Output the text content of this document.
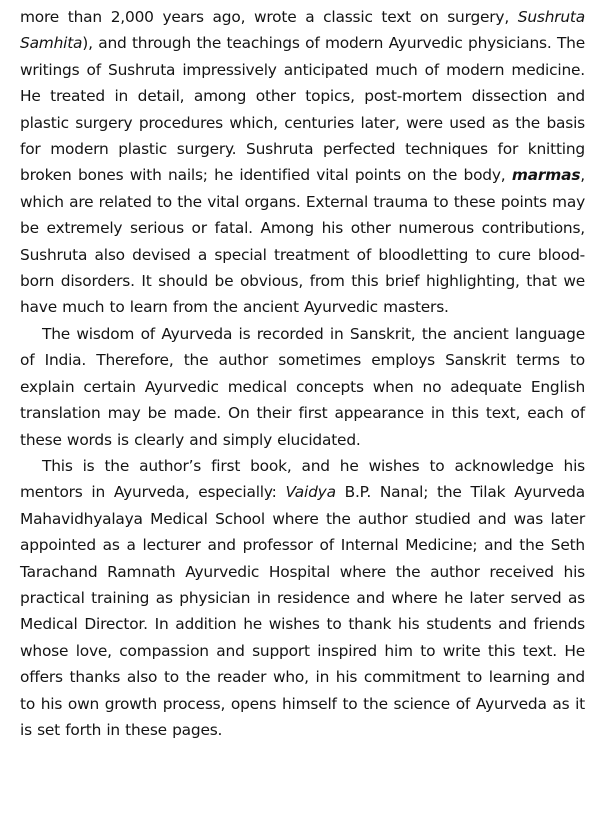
more than 2,000 years ago, wrote a classic text on surgery, Sushruta Samhita), and through the teachings of modern Ayurvedic physicians. The writings of Sushruta impressively anticipated much of modern medicine. He treated in detail, among other topics, post-mortem dissection and plastic surgery procedures which, centuries later, were used as the basis for modern plastic surgery. Sushruta perfected techniques for knitting broken bones with nails; he identified vital points on the body, marmas, which are related to the vital organs. External trauma to these points may be extremely serious or fatal. Among his other numerous contributions, Sushruta also devised a special treatment of bloodletting to cure blood-born disorders. It should be obvious, from this brief highlighting, that we have much to learn from the ancient Ayurvedic masters.

The wisdom of Ayurveda is recorded in Sanskrit, the ancient language of India. Therefore, the author sometimes employs Sanskrit terms to explain certain Ayurvedic medical concepts when no adequate English translation may be made. On their first appearance in this text, each of these words is clearly and simply elucidated.

This is the author’s first book, and he wishes to acknowledge his mentors in Ayurveda, especially: Vaidya B.P. Nanal; the Tilak Ayurveda Mahavidhyalaya Medical School where the author studied and was later appointed as a lecturer and professor of Internal Medicine; and the Seth Tarachand Ramnath Ayurvedic Hospital where the author received his practical training as physician in residence and where he later served as Medical Director. In addition he wishes to thank his students and friends whose love, compassion and support inspired him to write this text. He offers thanks also to the reader who, in his commitment to learning and to his own growth process, opens himself to the science of Ayurveda as it is set forth in these pages.
